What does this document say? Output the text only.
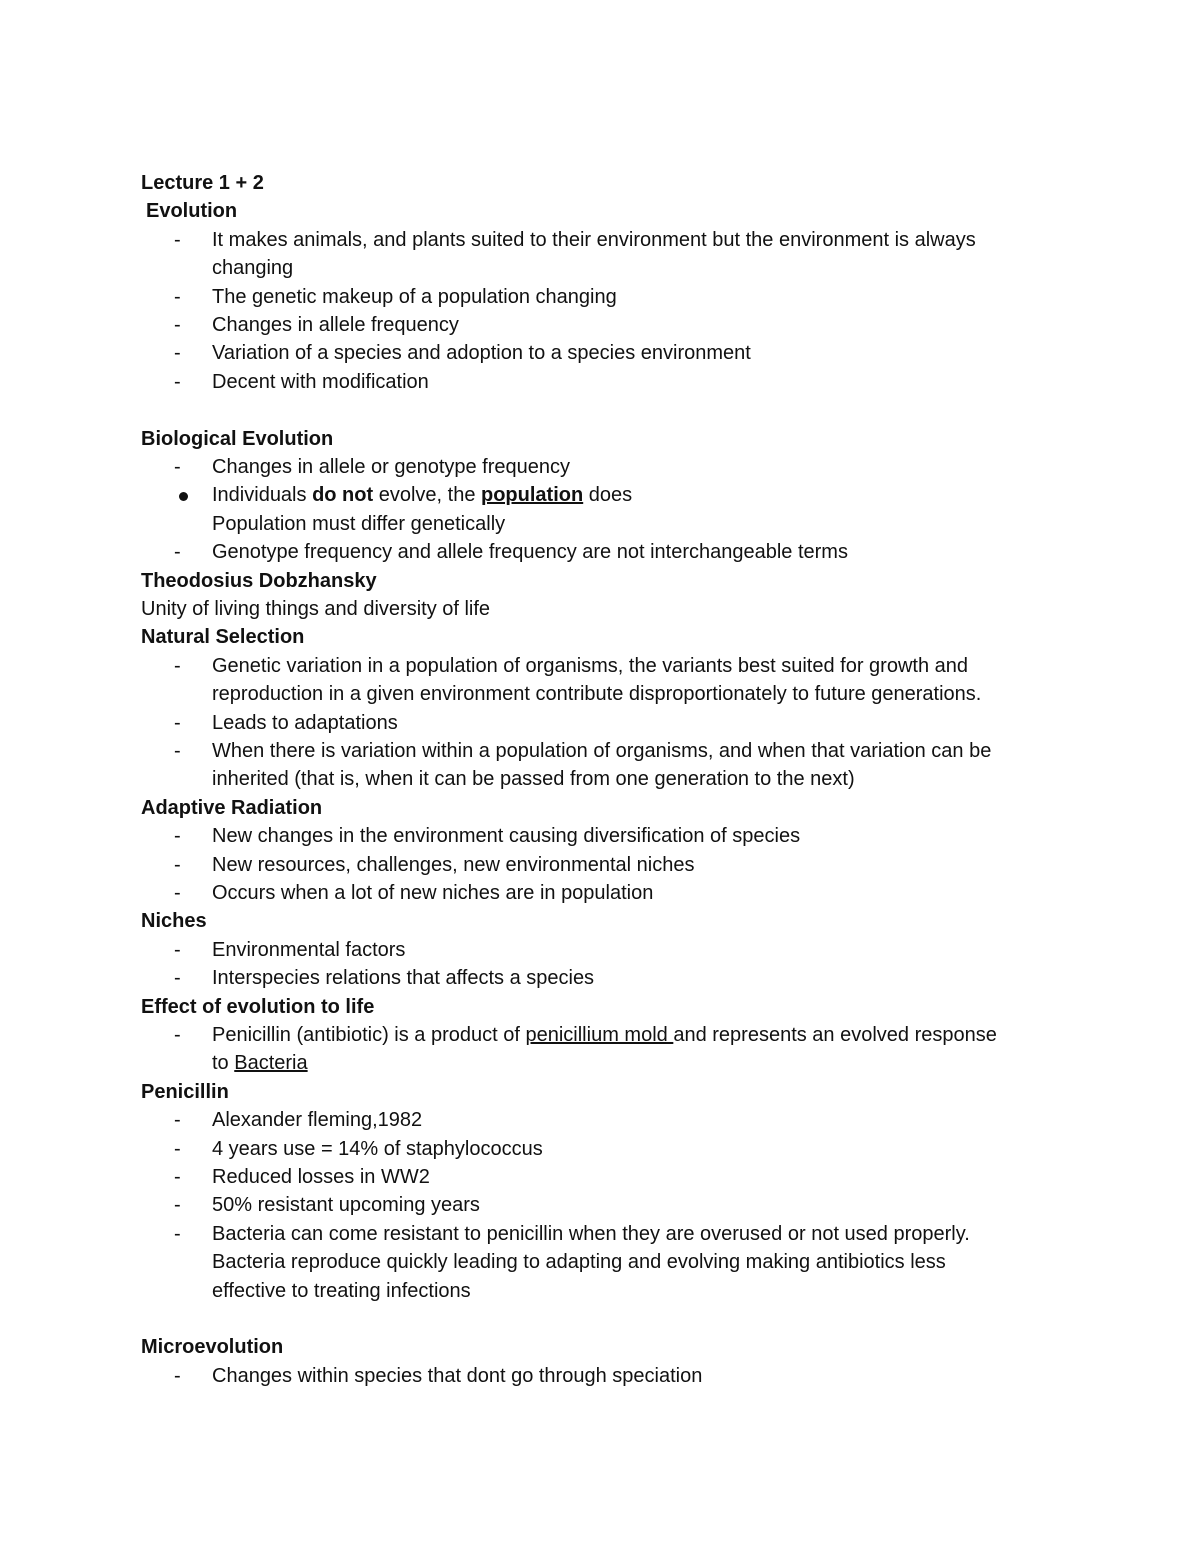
Lecture 1 + 2
Evolution
-	It makes animals, and plants suited to their environment but the environment is always
changing
-	The genetic makeup of a population changing
-	Changes in allele frequency
-	Variation of a species and adoption to a species environment
-	Decent with modification
Biological Evolution
-	Changes in allele or genotype frequency
Individuals do not evolve, the population does
Population must differ genetically
-	Genotype frequency and allele frequency are not interchangeable terms
Theodosius Dobzhansky
Unity of living things and diversity of life
Natural Selection
-	Genetic variation in a population of organisms, the variants best suited for growth and
reproduction in a given environment contribute disproportionately to future generations.
-	Leads to adaptations
-	When there is variation within a population of organisms, and when that variation can be
inherited (that is, when it can be passed from one generation to the next)
Adaptive Radiation
-	New changes in the environment causing diversification of species
-	New resources, challenges, new environmental niches
-	Occurs when a lot of new niches are in population
Niches
-	Environmental factors
-	Interspecies relations that affects a species
Effect of evolution to life
-	Penicillin (antibiotic) is a product of penicillium mold and represents an evolved response
to Bacteria
Penicillin
-	Alexander fleming,1982
-	4 years use = 14% of staphylococcus
-	Reduced losses in WW2
-	50% resistant upcoming years
-	Bacteria can come resistant to penicillin when they are overused or not used properly.
Bacteria reproduce quickly leading to adapting and evolving making antibiotics less
effective to treating infections
Microevolution
-	Changes within species that dont go through speciation
